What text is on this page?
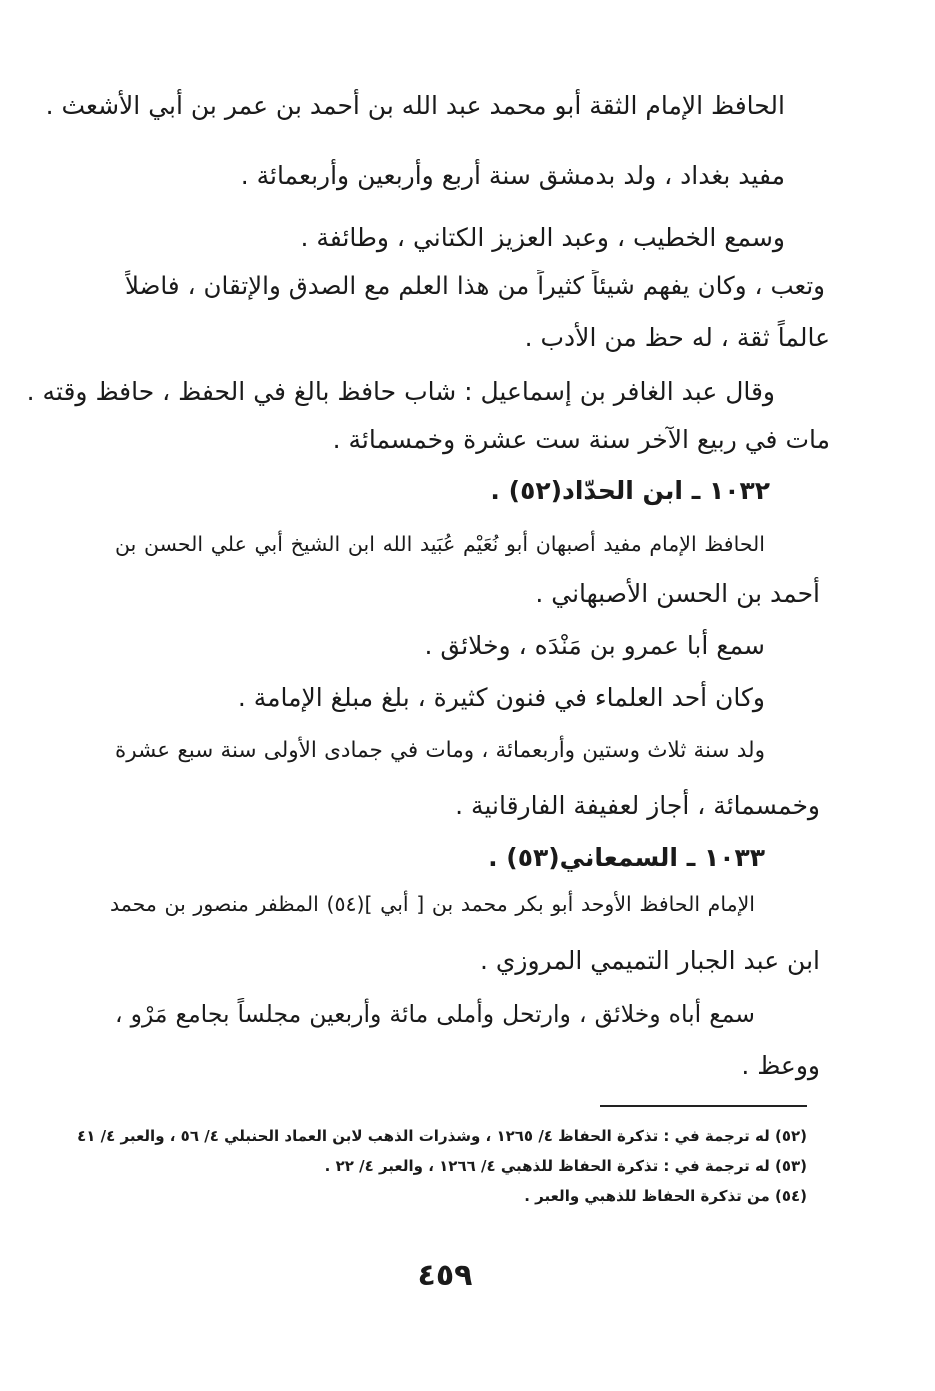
الحافظ الإمام الثقة أبو محمد عبد الله بن أحمد بن عمر بن أبي الأشعث .
مفيد بغداد ، ولد بدمشق سنة أربع وأربعين وأربعمائة .
وسمع الخطيب ، وعبد العزيز الكتاني ، وطائفة .
وتعب ، وكان يفهم شيئاً كثيراً من هذا العلم مع الصدق والإتقان ، فاضلاً
عالماً ثقة ، له حظ من الأدب .
وقال عبد الغافر بن إسماعيل : شاب حافظ بالغ في الحفظ ، حافظ وقته .
مات في ربيع الآخر سنة ست عشرة وخمسمائة .
١٠٣٢ ـ ابن الحدّاد(٥٢) .
الحافظ الإمام مفيد أصبهان أبو نُعَيْم عُبَيد الله ابن الشيخ أبي علي الحسن بن
أحمد بن الحسن الأصبهاني .
سمع أبا عمرو بن مَنْدَه ، وخلائق .
وكان أحد العلماء في فنون كثيرة ، بلغ مبلغ الإمامة .
ولد سنة ثلاث وستين وأربعمائة ، ومات في جمادى الأولى سنة سبع عشرة
وخمسمائة ، أجاز لعفيفة الفارقانية .
١٠٣٣ ـ السمعاني(٥٣) .
الإمام الحافظ الأوحد أبو بكر محمد بن [ أبي ](٥٤) المظفر منصور بن محمد
ابن عبد الجبار التميمي المروزي .
سمع أباه وخلائق ، وارتحل وأملى مائة وأربعين مجلساً بجامع مَرْو ،
ووعظ .
(٥٢) له ترجمة في : تذكرة الحفاظ ٤/ ١٢٦٥ ، وشذرات الذهب لابن العماد الحنبلي ٤/ ٥٦ ، والعبر ٤/ ٤١
(٥٣) له ترجمة في : تذكرة الحفاظ للذهبي ٤/ ١٢٦٦ ، والعبر ٤/ ٢٢ .
(٥٤) من تذكرة الحفاظ للذهبي والعبر .
٤٥٩
